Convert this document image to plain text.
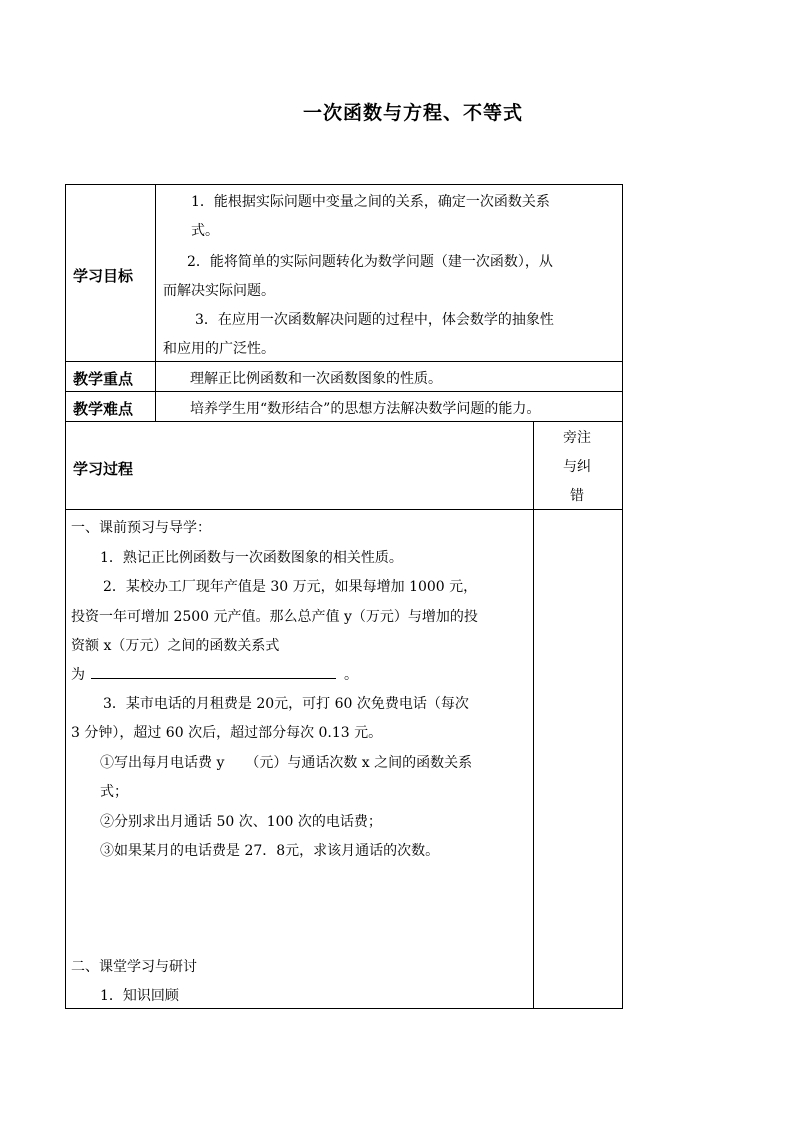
一次函数与方程、不等式
学习目标
教学重点
教学难点
学习过程
1．能根据实际问题中变量之间的关系，确定一次函数关系
式。
2．能将简单的实际问题转化为数学问题（建一次函数），从
而解决实际问题。
3．在应用一次函数解决问题的过程中，体会数学的抽象性
和应用的广泛性。
理解正比例函数和一次函数图象的性质。
培养学生用“数形结合”的思想方法解决数学问题的能力。
旁注
与纠
错
一、课前预习与导学：
1．熟记正比例函数与一次函数图象的相关性质。
2．某校办工厂现年产值是 30 万元，如果每增加 1000 元，
投资一年可增加 2500 元产值。那么总产值 y（万元）与增加的投
资额 x（万元）之间的函数关系式
为	。
3．某市电话的月租费是 20元，可打 60 次免费电话（每次
3 分钟），超过 60 次后，超过部分每次 0.13 元。
①写出每月电话费 y　　（元）与通话次数 x 之间的函数关系
式；
②分别求出月通话 50 次、100 次的电话费；
③如果某月的电话费是 27．8元，求该月通话的次数。
二、课堂学习与研讨
1．知识回顾
